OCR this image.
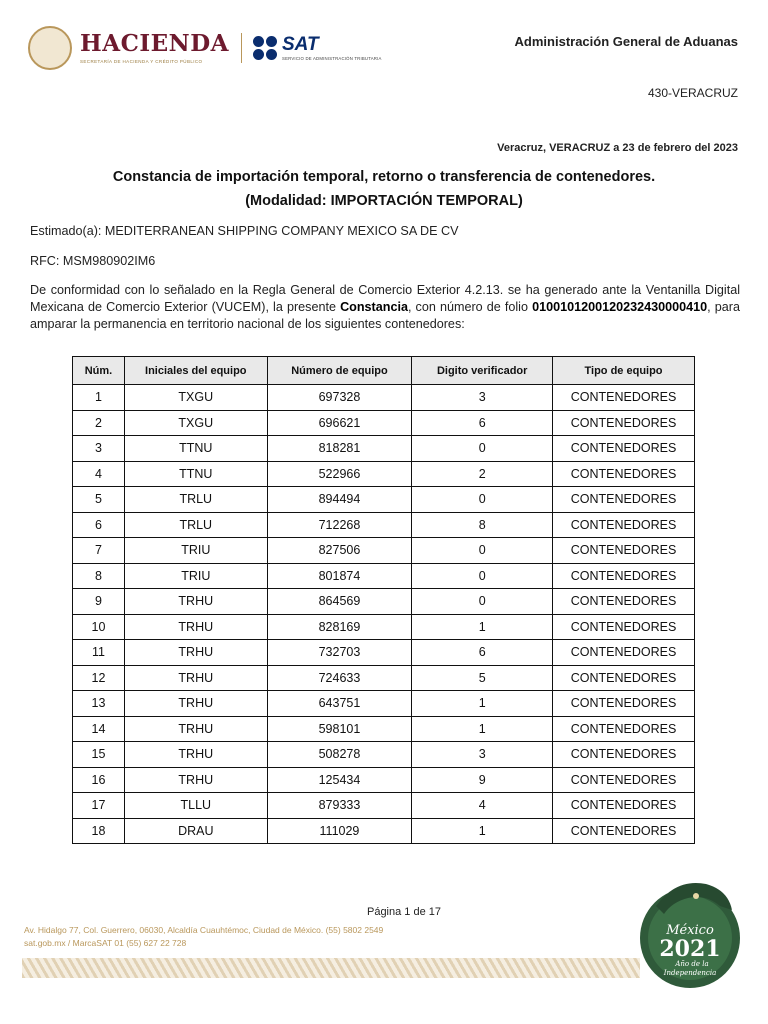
HACIENDA
SECRETARÍA DE HACIENDA Y CRÉDITO PÚBLICO
SAT
SERVICIO DE ADMINISTRACIÓN TRIBUTARIA
Administración General de Aduanas
430-VERACRUZ
Veracruz, VERACRUZ a 23 de febrero del 2023
Constancia de importación temporal, retorno o transferencia de contenedores.
(Modalidad: IMPORTACIÓN TEMPORAL)
Estimado(a): MEDITERRANEAN SHIPPING COMPANY MEXICO SA DE CV
RFC: MSM980902IM6

De conformidad con lo señalado en la Regla General de Comercio Exterior 4.2.13. se ha generado ante la Ventanilla Digital Mexicana de Comercio Exterior (VUCEM), la presente Constancia, con número de folio 0100101200120232430000410, para amparar la permanencia en territorio nacional de los siguientes contenedores:

Núm.	Iniciales del equipo	Número de equipo	Digito verificador	Tipo de equipo
1	TXGU	697328	3	CONTENEDORES
2	TXGU	696621	6	CONTENEDORES
3	TTNU	818281	0	CONTENEDORES
4	TTNU	522966	2	CONTENEDORES
5	TRLU	894494	0	CONTENEDORES
6	TRLU	712268	8	CONTENEDORES
7	TRIU	827506	0	CONTENEDORES
8	TRIU	801874	0	CONTENEDORES
9	TRHU	864569	0	CONTENEDORES
10	TRHU	828169	1	CONTENEDORES
11	TRHU	732703	6	CONTENEDORES
12	TRHU	724633	5	CONTENEDORES
13	TRHU	643751	1	CONTENEDORES
14	TRHU	598101	1	CONTENEDORES
15	TRHU	508278	3	CONTENEDORES
16	TRHU	125434	9	CONTENEDORES
17	TLLU	879333	4	CONTENEDORES
18	DRAU	111029	1	CONTENEDORES
Página 1 de 17
Av. Hidalgo 77, Col. Guerrero, 06030, Alcaldía Cuauhtémoc, Ciudad de México. (55) 5802 2549
sat.gob.mx / MarcaSAT 01 (55) 627 22 728
México
2021
Año de la
Independencia
